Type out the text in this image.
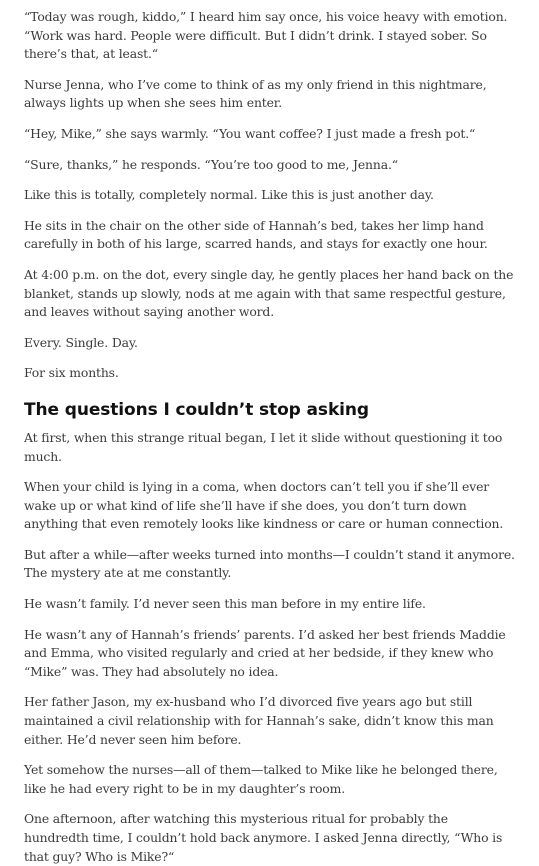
“Today was rough, kiddo,” I heard him say once, his voice heavy with emotion. “Work was hard. People were difficult. But I didn’t drink. I stayed sober. So there’s that, at least.“

Nurse Jenna, who I’ve come to think of as my only friend in this nightmare, always lights up when she sees him enter.

“Hey, Mike,” she says warmly. “You want coffee? I just made a fresh pot.“

“Sure, thanks,” he responds. “You’re too good to me, Jenna.“

Like this is totally, completely normal. Like this is just another day.

He sits in the chair on the other side of Hannah’s bed, takes her limp hand carefully in both of his large, scarred hands, and stays for exactly one hour.

At 4:00 p.m. on the dot, every single day, he gently places her hand back on the blanket, stands up slowly, nods at me again with that same respectful gesture, and leaves without saying another word.

Every. Single. Day.

For six months.

The questions I couldn’t stop asking

At first, when this strange ritual began, I let it slide without questioning it too much.

When your child is lying in a coma, when doctors can’t tell you if she’ll ever wake up or what kind of life she’ll have if she does, you don’t turn down anything that even remotely looks like kindness or care or human connection.

But after a while—after weeks turned into months—I couldn’t stand it anymore. The mystery ate at me constantly.

He wasn’t family. I’d never seen this man before in my entire life.

He wasn’t any of Hannah’s friends’ parents. I’d asked her best friends Maddie and Emma, who visited regularly and cried at her bedside, if they knew who “Mike” was. They had absolutely no idea.

Her father Jason, my ex-husband who I’d divorced five years ago but still maintained a civil relationship with for Hannah’s sake, didn’t know this man either. He’d never seen him before.

Yet somehow the nurses—all of them—talked to Mike like he belonged there, like he had every right to be in my daughter’s room.

One afternoon, after watching this mysterious ritual for probably the hundredth time, I couldn’t hold back anymore. I asked Jenna directly, “Who is that guy? Who is Mike?“
